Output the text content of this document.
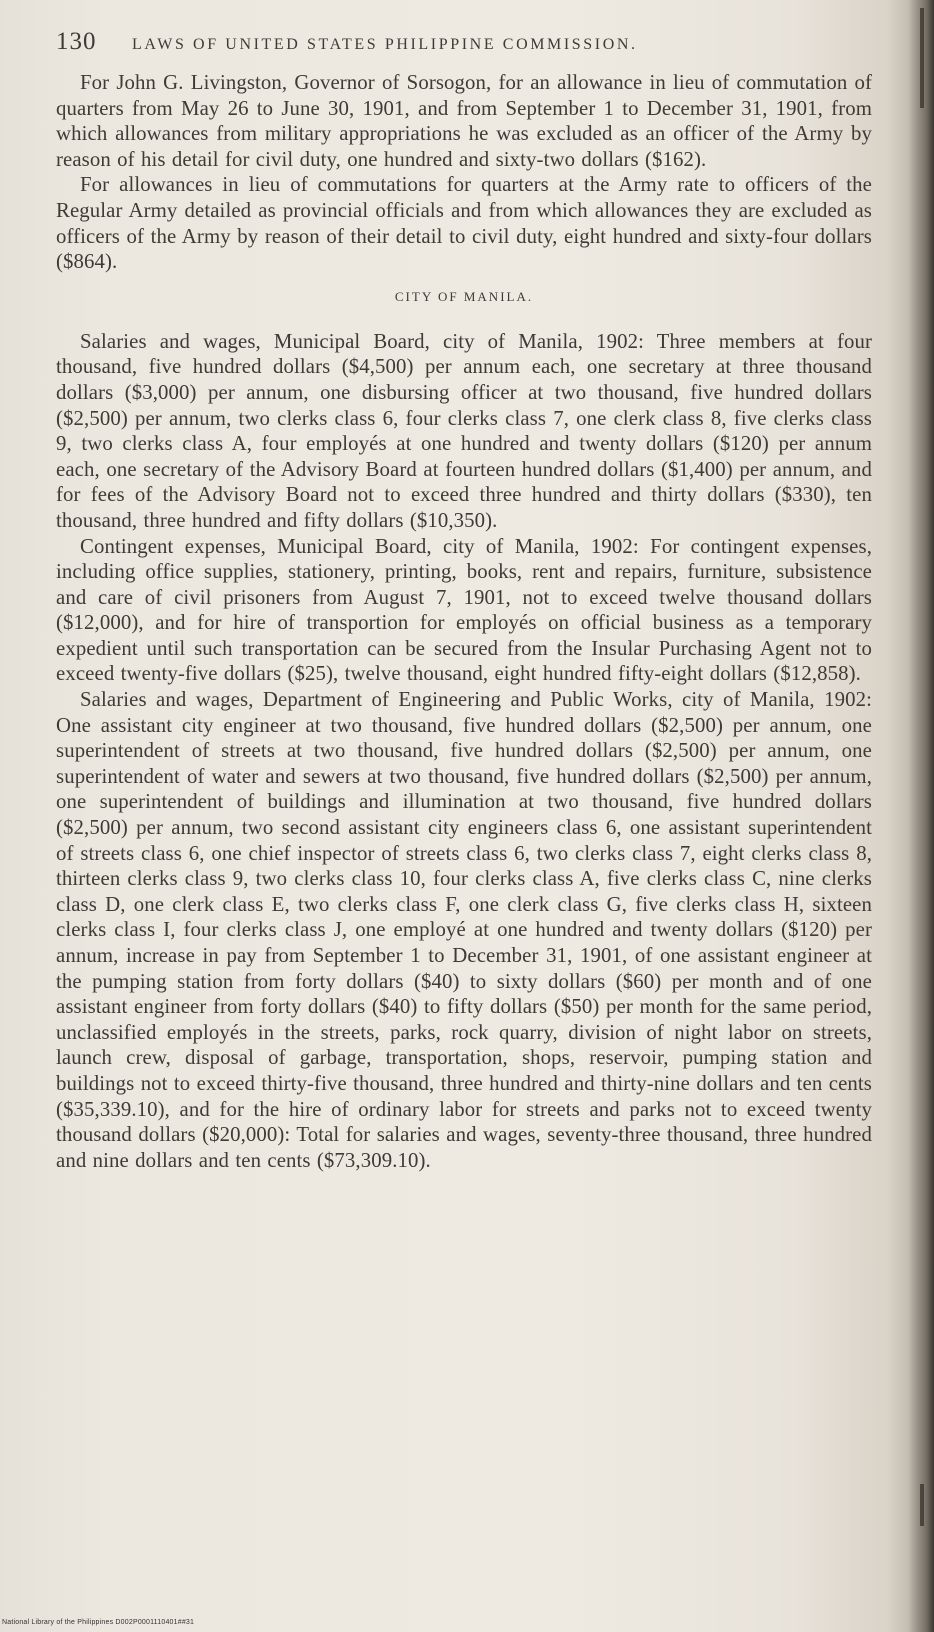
130	LAWS OF UNITED STATES PHILIPPINE COMMISSION.

For John G. Livingston, Governor of Sorsogon, for an allowance in lieu of commutation of quarters from May 26 to June 30, 1901, and from September 1 to December 31, 1901, from which allowances from military appropriations he was excluded as an officer of the Army by reason of his detail for civil duty, one hundred and sixty-two dollars ($162).

For allowances in lieu of commutations for quarters at the Army rate to officers of the Regular Army detailed as provincial officials and from which allowances they are excluded as officers of the Army by reason of their detail to civil duty, eight hundred and sixty-four dollars ($864).

CITY OF MANILA.

Salaries and wages, Municipal Board, city of Manila, 1902: Three members at four thousand, five hundred dollars ($4,500) per annum each, one secretary at three thousand dollars ($3,000) per annum, one disbursing officer at two thousand, five hundred dollars ($2,500) per annum, two clerks class 6, four clerks class 7, one clerk class 8, five clerks class 9, two clerks class A, four employés at one hundred and twenty dollars ($120) per annum each, one secretary of the Advisory Board at fourteen hundred dollars ($1,400) per annum, and for fees of the Advisory Board not to exceed three hundred and thirty dollars ($330), ten thousand, three hundred and fifty dollars ($10,350).

Contingent expenses, Municipal Board, city of Manila, 1902: For contingent expenses, including office supplies, stationery, printing, books, rent and repairs, furniture, subsistence and care of civil prisoners from August 7, 1901, not to exceed twelve thousand dollars ($12,000), and for hire of transportion for employés on official business as a temporary expedient until such transportation can be secured from the Insular Purchasing Agent not to exceed twenty-five dollars ($25), twelve thousand, eight hundred fifty-eight dollars ($12,858).

Salaries and wages, Department of Engineering and Public Works, city of Manila, 1902: One assistant city engineer at two thousand, five hundred dollars ($2,500) per annum, one superintendent of streets at two thousand, five hundred dollars ($2,500) per annum, one superintendent of water and sewers at two thousand, five hundred dollars ($2,500) per annum, one superintendent of buildings and illumination at two thousand, five hundred dollars ($2,500) per annum, two second assistant city engineers class 6, one assistant superintendent of streets class 6, one chief inspector of streets class 6, two clerks class 7, eight clerks class 8, thirteen clerks class 9, two clerks class 10, four clerks class A, five clerks class C, nine clerks class D, one clerk class E, two clerks class F, one clerk class G, five clerks class H, sixteen clerks class I, four clerks class J, one employé at one hundred and twenty dollars ($120) per annum, increase in pay from September 1 to December 31, 1901, of one assistant engineer at the pumping station from forty dollars ($40) to sixty dollars ($60) per month and of one assistant engineer from forty dollars ($40) to fifty dollars ($50) per month for the same period, unclassified employés in the streets, parks, rock quarry, division of night labor on streets, launch crew, disposal of garbage, transportation, shops, reservoir, pumping station and buildings not to exceed thirty-five thousand, three hundred and thirty-nine dollars and ten cents ($35,339.10), and for the hire of ordinary labor for streets and parks not to exceed twenty thousand dollars ($20,000): Total for salaries and wages, seventy-three thousand, three hundred and nine dollars and ten cents ($73,309.10).

National Library of the Philippines D002P0001110401##31
